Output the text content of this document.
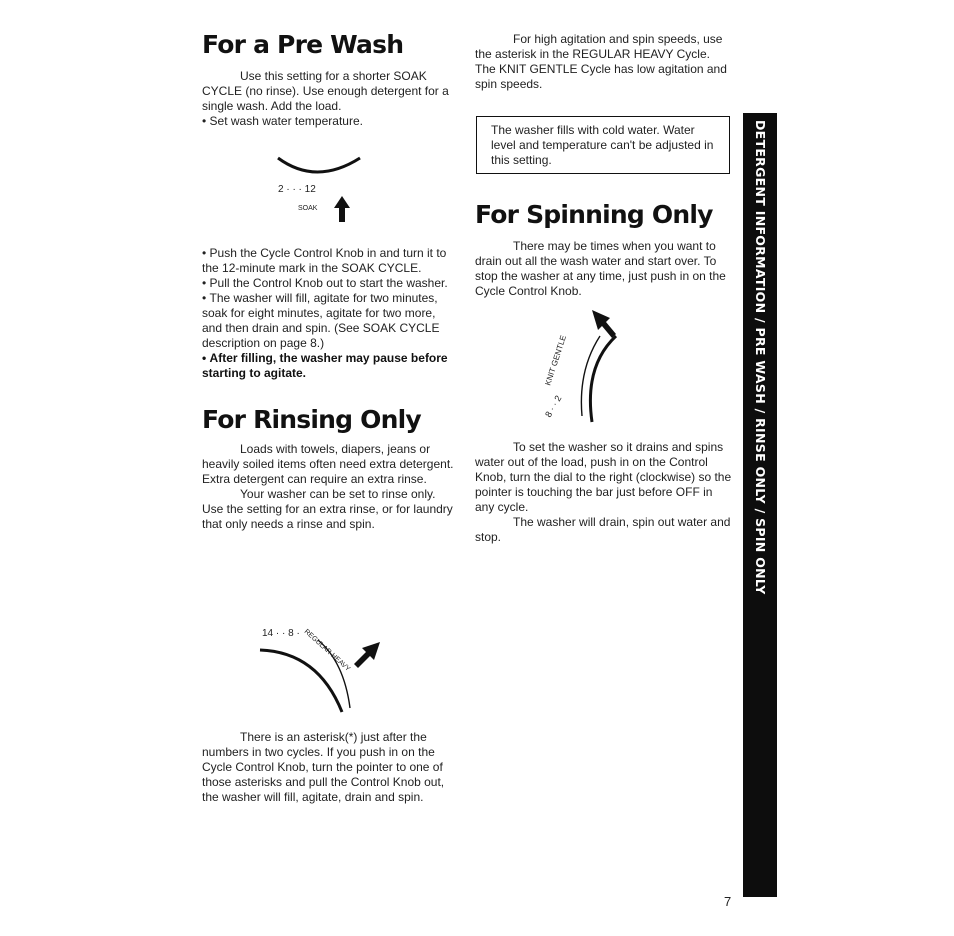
For a Pre Wash

Use this setting for a shorter SOAK CYCLE (no rinse). Use enough detergent for a single wash. Add the load.

• Set wash water temperature.

2 · · · 12
SOAK

• Push the Cycle Control Knob in and turn it to the 12-minute mark in the SOAK CYCLE.

• Pull the Control Knob out to start the washer.

• The washer will fill, agitate for two minutes, soak for eight minutes, agitate for two more, and then drain and spin. (See SOAK CYCLE description on page 8.)

• After filling, the washer may pause before starting to agitate.

For Rinsing Only

Loads with towels, diapers, jeans or heavily soiled items often need extra detergent. Extra detergent can require an extra rinse.

Your washer can be set to rinse only. Use the setting for an extra rinse, or for laundry that only needs a rinse and spin.

14 · · 8 · REGULAR HEAVY

There is an asterisk(*) just after the numbers in two cycles. If you push in on the Cycle Control Knob, turn the pointer to one of those asterisks and pull the Control Knob out, the washer will fill, agitate, drain and spin.

For high agitation and spin speeds, use the asterisk in the REGULAR HEAVY Cycle. The KNIT GENTLE Cycle has low agitation and spin speeds.

The washer fills with cold water. Water level and temperature can't be adjusted in this setting.
For Spinning Only

There may be times when you want to drain out all the wash water and start over. To stop the washer at any time, just push in on the Cycle Control Knob.

KNIT GENTLE
8 · · 2

To set the washer so it drains and spins water out of the load, push in on the Control Knob, turn the dial to the right (clockwise) so the pointer is touching the bar just before OFF in any cycle.

The washer will drain, spin out water and stop.	DETERGENT INFORMATION / PRE WASH / RINSE ONLY / SPIN ONLY
7
